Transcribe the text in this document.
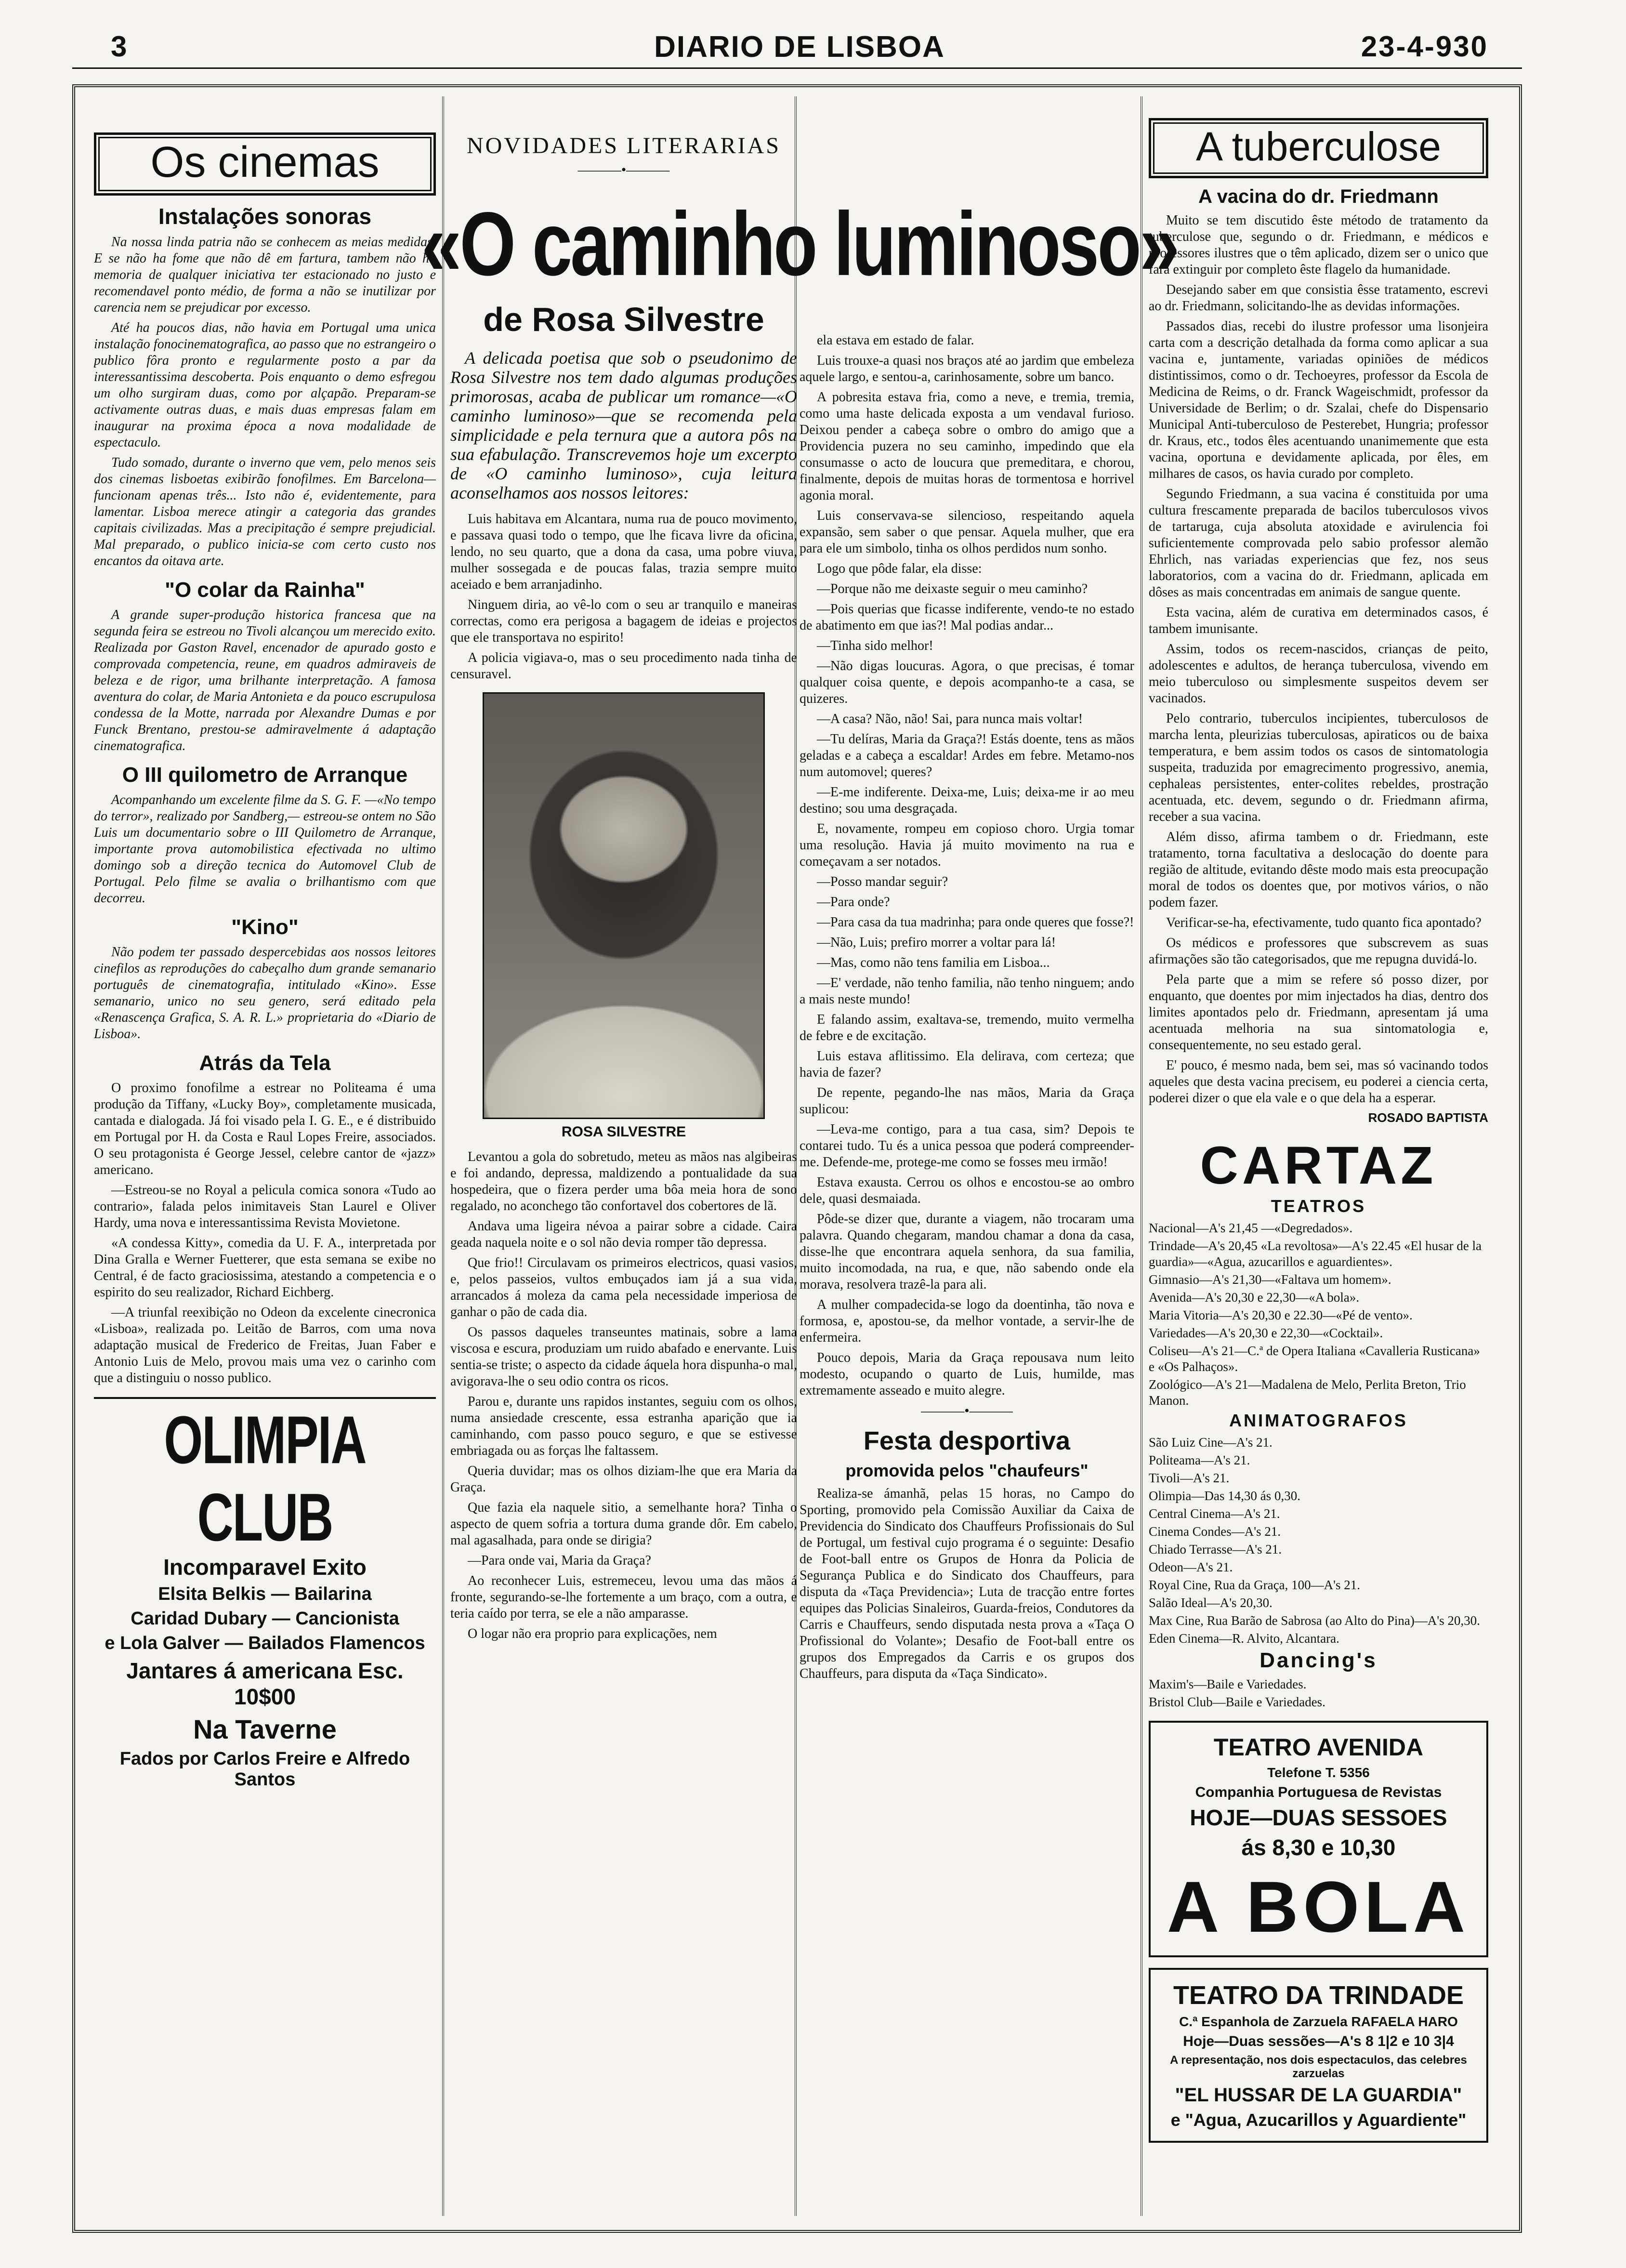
3	DIARIO DE LISBOA	23-4-930
Os cinemas
Instalações sonoras

Na nossa linda patria não se conhecem as meias medidas. E se não ha fome que não dê em fartura, tambem não ha memoria de qualquer iniciativa ter estacionado no justo e recomendavel ponto médio, de forma a não se inutilizar por carencia nem se prejudicar por excesso.

Até ha poucos dias, não havia em Portugal uma unica instalação fonocinematografica, ao passo que no estrangeiro o publico fôra pronto e regularmente posto a par da interessantissima descoberta. Pois enquanto o demo esfregou um olho surgiram duas, como por alçapão. Preparam-se activamente outras duas, e mais duas empresas falam em inaugurar na proxima época a nova modalidade de espectaculo.

Tudo somado, durante o inverno que vem, pelo menos seis dos cinemas lisboetas exibirão fonofilmes. Em Barcelona—funcionam apenas três... Isto não é, evidentemente, para lamentar. Lisboa merece atingir a categoria das grandes capitais civilizadas. Mas a precipitação é sempre prejudicial. Mal preparado, o publico inicia-se com certo custo nos encantos da oitava arte.

"O colar da Rainha"

A grande super-produção historica francesa que na segunda feira se estreou no Tivoli alcançou um merecido exito. Realizada por Gaston Ravel, encenador de apurado gosto e comprovada competencia, reune, em quadros admiraveis de beleza e de rigor, uma brilhante interpretação. A famosa aventura do colar, de Maria Antonieta e da pouco escrupulosa condessa de la Motte, narrada por Alexandre Dumas e por Funck Brentano, prestou-se admiravelmente á adaptação cinematografica.

O III quilometro de Arranque

Acompanhando um excelente filme da S. G. F. —«No tempo do terror», realizado por Sandberg,— estreou-se ontem no São Luis um documentario sobre o III Quilometro de Arranque, importante prova automobilistica efectivada no ultimo domingo sob a direção tecnica do Automovel Club de Portugal. Pelo filme se avalia o brilhantismo com que decorreu.

"Kino"

Não podem ter passado despercebidas aos nossos leitores cinefilos as reproduções do cabeçalho dum grande semanario português de cinematografia, intitulado «Kino». Esse semanario, unico no seu genero, será editado pela «Renascença Grafica, S. A. R. L.» proprietaria do «Diario de Lisboa».

Atrás da Tela

O proximo fonofilme a estrear no Politeama é uma produção da Tiffany, «Lucky Boy», completamente musicada, cantada e dialogada. Já foi visado pela I. G. E., e é distribuido em Portugal por H. da Costa e Raul Lopes Freire, associados. O seu protagonista é George Jessel, celebre cantor de «jazz» americano.

—Estreou-se no Royal a pelicula comica sonora «Tudo ao contrario», falada pelos inimitaveis Stan Laurel e Oliver Hardy, uma nova e interessantissima Revista Movietone.

«A condessa Kitty», comedia da U. F. A., interpretada por Dina Gralla e Werner Fuetterer, que esta semana se exibe no Central, é de facto graciosissima, atestando a competencia e o espirito do seu realizador, Richard Eichberg.

—A triunfal reexibição no Odeon da excelente cinecronica «Lisboa», realizada po. Leitão de Barros, com uma nova adaptação musical de Frederico de Freitas, Juan Faber e Antonio Luis de Melo, provou mais uma vez o carinho com que a distinguiu o nosso publico.

OLIMPIA CLUB
Incomparavel Exito
Elsita Belkis — Bailarina
Caridad Dubary — Cancionista
e Lola Galver — Bailados Flamencos
Jantares á americana Esc. 10$00
Na Taverne
Fados por Carlos Freire e Alfredo Santos
NOVIDADES LITERARIAS
———•———
«O caminho luminoso»
de Rosa Silvestre

A delicada poetisa que sob o pseudonimo de Rosa Silvestre nos tem dado algumas produções primorosas, acaba de publicar um romance—«O caminho luminoso»—que se recomenda pela simplicidade e pela ternura que a autora pôs na sua efabulação. Transcrevemos hoje um excerpto de «O caminho luminoso», cuja leitura aconselhamos aos nossos leitores:

Luis habitava em Alcantara, numa rua de pouco movimento, e passava quasi todo o tempo, que lhe ficava livre da oficina, lendo, no seu quarto, que a dona da casa, uma pobre viuva, mulher sossegada e de poucas falas, trazia sempre muito aceiado e bem arranjadinho.

Ninguem diria, ao vê-lo com o seu ar tranquilo e maneiras correctas, como era perigosa a bagagem de ideias e projectos que ele transportava no espirito!

A policia vigiava-o, mas o seu procedimento nada tinha de censuravel.

ROSA SILVESTRE

Levantou a gola do sobretudo, meteu as mãos nas algibeiras e foi andando, depressa, maldizendo a pontualidade da sua hospedeira, que o fizera perder uma bôa meia hora de sono regalado, no aconchego tão confortavel dos cobertores de lã.

Andava uma ligeira névoa a pairar sobre a cidade. Caira geada naquela noite e o sol não devia romper tão depressa.

Que frio!! Circulavam os primeiros electricos, quasi vasios, e, pelos passeios, vultos embuçados iam já a sua vida, arrancados á moleza da cama pela necessidade imperiosa de ganhar o pão de cada dia.

Os passos daqueles transeuntes matinais, sobre a lama viscosa e escura, produziam um ruido abafado e enervante. Luis sentia-se triste; o aspecto da cidade áquela hora dispunha-o mal, avigorava-lhe o seu odio contra os ricos.

Parou e, durante uns rapidos instantes, seguiu com os olhos, numa ansiedade crescente, essa estranha aparição que ia caminhando, com passo pouco seguro, e que se estivesse embriagada ou as forças lhe faltassem.

Queria duvidar; mas os olhos diziam-lhe que era Maria da Graça.

Que fazia ela naquele sitio, a semelhante hora? Tinha o aspecto de quem sofria a tortura duma grande dôr. Em cabelo, mal agasalhada, para onde se dirigia?

—Para onde vai, Maria da Graça?

Ao reconhecer Luis, estremeceu, levou uma das mãos á fronte, segurando-se-lhe fortemente a um braço, com a outra, e teria caído por terra, se ele a não amparasse.

O logar não era proprio para explicações, nem

ela estava em estado de falar.

Luis trouxe-a quasi nos braços até ao jardim que embeleza aquele largo, e sentou-a, carinhosamente, sobre um banco.

A pobresita estava fria, como a neve, e tremia, tremia, como uma haste delicada exposta a um vendaval furioso. Deixou pender a cabeça sobre o ombro do amigo que a Providencia puzera no seu caminho, impedindo que ela consumasse o acto de loucura que premeditara, e chorou, finalmente, depois de muitas horas de tormentosa e horrivel agonia moral.

Luis conservava-se silencioso, respeitando aquela expansão, sem saber o que pensar. Aquela mulher, que era para ele um simbolo, tinha os olhos perdidos num sonho.

Logo que pôde falar, ela disse:

—Porque não me deixaste seguir o meu caminho?

—Pois querias que ficasse indiferente, vendo-te no estado de abatimento em que ias?! Mal podias andar...

—Tinha sido melhor!

—Não digas loucuras. Agora, o que precisas, é tomar qualquer coisa quente, e depois acompanho-te a casa, se quizeres.

—A casa? Não, não! Sai, para nunca mais voltar!

—Tu delíras, Maria da Graça?! Estás doente, tens as mãos geladas e a cabeça a escaldar! Ardes em febre. Metamo-nos num automovel; queres?

—E-me indiferente. Deixa-me, Luis; deixa-me ir ao meu destino; sou uma desgraçada.

E, novamente, rompeu em copioso choro. Urgia tomar uma resolução. Havia já muito movimento na rua e começavam a ser notados.

—Posso mandar seguir?

—Para onde?

—Para casa da tua madrinha; para onde queres que fosse?!

—Não, Luis; prefiro morrer a voltar para lá!

—Mas, como não tens familia em Lisboa...

—E' verdade, não tenho familia, não tenho ninguem; ando a mais neste mundo!

E falando assim, exaltava-se, tremendo, muito vermelha de febre e de excitação.

Luis estava aflitissimo. Ela delirava, com certeza; que havia de fazer?

De repente, pegando-lhe nas mãos, Maria da Graça suplicou:

—Leva-me contigo, para a tua casa, sim? Depois te contarei tudo. Tu és a unica pessoa que poderá compreender-me. Defende-me, protege-me como se fosses meu irmão!

Estava exausta. Cerrou os olhos e encostou-se ao ombro dele, quasi desmaiada.

Pôde-se dizer que, durante a viagem, não trocaram uma palavra. Quando chegaram, mandou chamar a dona da casa, disse-lhe que encontrara aquela senhora, da sua familia, muito incomodada, na rua, e que, não sabendo onde ela morava, resolvera trazê-la para ali.

A mulher compadecida-se logo da doentinha, tão nova e formosa, e, apostou-se, da melhor vontade, a servir-lhe de enfermeira.

Pouco depois, Maria da Graça repousava num leito modesto, ocupando o quarto de Luis, humilde, mas extremamente asseado e muito alegre.

———•———
Festa desportiva
promovida pelos "chaufeurs"

Realiza-se ámanhã, pelas 15 horas, no Campo do Sporting, promovido pela Comissão Auxiliar da Caixa de Previdencia do Sindicato dos Chauffeurs Profissionais do Sul de Portugal, um festival cujo programa é o seguinte: Desafio de Foot-ball entre os Grupos de Honra da Policia de Segurança Publica e do Sindicato dos Chauffeurs, para disputa da «Taça Previdencia»; Luta de tracção entre fortes equipes das Policias Sinaleiros, Guarda-freios, Condutores da Carris e Chauffeurs, sendo disputada nesta prova a «Taça O Profissional do Volante»; Desafio de Foot-ball entre os grupos dos Empregados da Carris e os grupos dos Chauffeurs, para disputa da «Taça Sindicato».

A tuberculose
A vacina do dr. Friedmann

Muito se tem discutido êste método de tratamento da tuberculose que, segundo o dr. Friedmann, e médicos e professores ilustres que o têm aplicado, dizem ser o unico que fará extinguir por completo êste flagelo da humanidade.

Desejando saber em que consistia êsse tratamento, escrevi ao dr. Friedmann, solicitando-lhe as devidas informações.

Passados dias, recebi do ilustre professor uma lisonjeira carta com a descrição detalhada da forma como aplicar a sua vacina e, juntamente, variadas opiniões de médicos distintissimos, como o dr. Techoeyres, professor da Escola de Medicina de Reims, o dr. Franck Wageischmidt, professor da Universidade de Berlim; o dr. Szalai, chefe do Dispensario Municipal Anti-tuberculoso de Pesterebet, Hungria; professor dr. Kraus, etc., todos êles acentuando unanimemente que esta vacina, oportuna e devidamente aplicada, por êles, em milhares de casos, os havia curado por completo.

Segundo Friedmann, a sua vacina é constituida por uma cultura frescamente preparada de bacilos tuberculosos vivos de tartaruga, cuja absoluta atoxidade e avirulencia foi suficientemente comprovada pelo sabio professor alemão Ehrlich, nas variadas experiencias que fez, nos seus laboratorios, com a vacina do dr. Friedmann, aplicada em dôses as mais concentradas em animais de sangue quente.

Esta vacina, além de curativa em determinados casos, é tambem imunisante.

Assim, todos os recem-nascidos, crianças de peito, adolescentes e adultos, de herança tuberculosa, vivendo em meio tuberculoso ou simplesmente suspeitos devem ser vacinados.

Pelo contrario, tuberculos incipientes, tuberculosos de marcha lenta, pleurizias tuberculosas, apiraticos ou de baixa temperatura, e bem assim todos os casos de sintomatologia suspeita, traduzida por emagrecimento progressivo, anemia, cephaleas persistentes, enter-colites rebeldes, prostração acentuada, etc. devem, segundo o dr. Friedmann afirma, receber a sua vacina.

Além disso, afirma tambem o dr. Friedmann, este tratamento, torna facultativa a deslocação do doente para região de altitude, evitando dêste modo mais esta preocupação moral de todos os doentes que, por motivos vários, o não podem fazer.

Verificar-se-ha, efectivamente, tudo quanto fica apontado?

Os médicos e professores que subscrevem as suas afirmações são tão categorisados, que me repugna duvidá-lo.

Pela parte que a mim se refere só posso dizer, por enquanto, que doentes por mim injectados ha dias, dentro dos limites apontados pelo dr. Friedmann, apresentam já uma acentuada melhoria na sua sintomatologia e, consequentemente, no seu estado geral.

E' pouco, é mesmo nada, bem sei, mas só vacinando todos aqueles que desta vacina precisem, eu poderei a ciencia certa, poderei dizer o que ela vale e o que dela ha a esperar.

ROSADO BAPTISTA
CARTAZ
TEATROS

Nacional—A's 21,45 —«Degredados».

Trindade—A's 20,45 «La revoltosa»—A's 22.45 «El husar de la guardia»—«Agua, azucarillos e aguardientes».

Gimnasio—A's 21,30—«Faltava um homem».

Avenida—A's 20,30 e 22,30—«A bola».

Maria Vitoria—A's 20,30 e 22.30—«Pé de vento».

Variedades—A's 20,30 e 22,30—«Cocktail».

Coliseu—A's 21—C.ª de Opera Italiana «Cavalleria Rusticana» e «Os Palhaços».

Zoológico—A's 21—Madalena de Melo, Perlita Breton, Trio Manon.

ANIMATOGRAFOS

São Luiz Cine—A's 21.

Politeama—A's 21.

Tivoli—A's 21.

Olimpia—Das 14,30 ás 0,30.

Central Cinema—A's 21.

Cinema Condes—A's 21.

Chiado Terrasse—A's 21.

Odeon—A's 21.

Royal Cine, Rua da Graça, 100—A's 21.

Salão Ideal—A's 20,30.

Max Cine, Rua Barão de Sabrosa (ao Alto do Pina)—A's 20,30.

Eden Cinema—R. Alvito, Alcantara.

Dancing's

Maxim's—Baile e Variedades.

Bristol Club—Baile e Variedades.

TEATRO AVENIDA
Telefone T. 5356
Companhia Portuguesa de Revistas
HOJE—DUAS SESSOES
ás 8,30 e 10,30
A BOLA
TEATRO DA TRINDADE
C.ª Espanhola de Zarzuela RAFAELA HARO
Hoje—Duas sessões—A's 8 1|2 e 10 3|4
A representação, nos dois espectaculos, das celebres zarzuelas
"EL HUSSAR DE LA GUARDIA"
e "Agua, Azucarillos y Aguardiente"
